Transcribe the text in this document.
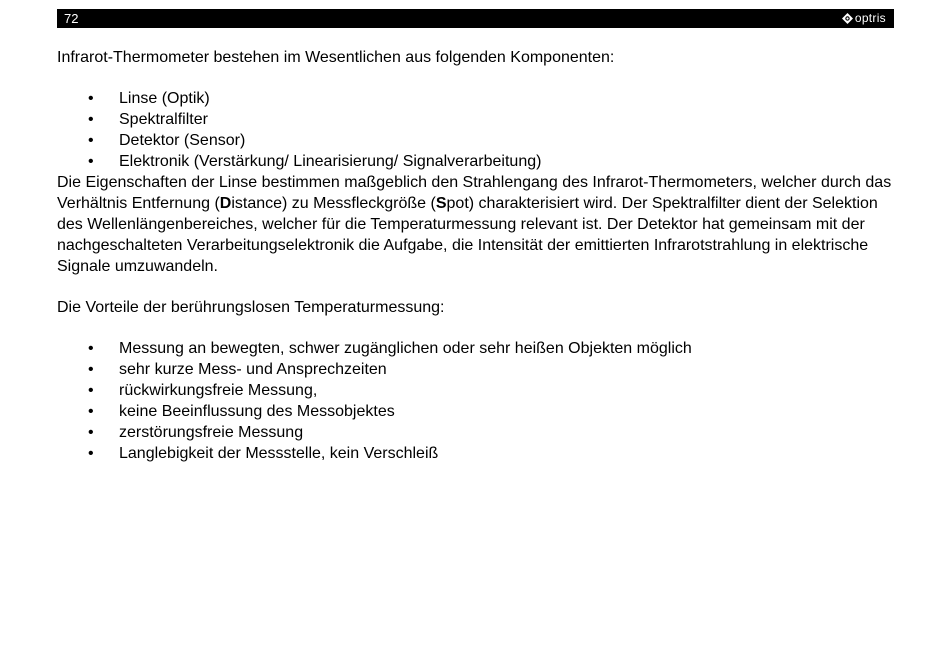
72	optris

Infrarot-Thermometer bestehen im Wesentlichen aus folgenden Komponenten:

• Linse (Optik)
• Spektralfilter
• Detektor (Sensor)
• Elektronik (Verstärkung/ Linearisierung/ Signalverarbeitung)

Die Eigenschaften der Linse bestimmen maßgeblich den Strahlengang des Infrarot-Thermometers, welcher durch das Verhältnis Entfernung (Distance) zu Messfleckgröße (Spot) charakterisiert wird. Der Spektralfilter dient der Selektion des Wellenlängenbereiches, welcher für die Temperaturmessung relevant ist. Der Detektor hat gemeinsam mit der nachgeschalteten Verarbeitungselektronik die Aufgabe, die Intensität der emittierten Infrarotstrahlung in elektrische Signale umzuwandeln.

Die Vorteile der berührungslosen Temperaturmessung:

• Messung an bewegten, schwer zugänglichen oder sehr heißen Objekten möglich
• sehr kurze Mess- und Ansprechzeiten
• rückwirkungsfreie Messung,
• keine Beeinflussung des Messobjektes
• zerstörungsfreie Messung
• Langlebigkeit der Messstelle, kein Verschleiß
